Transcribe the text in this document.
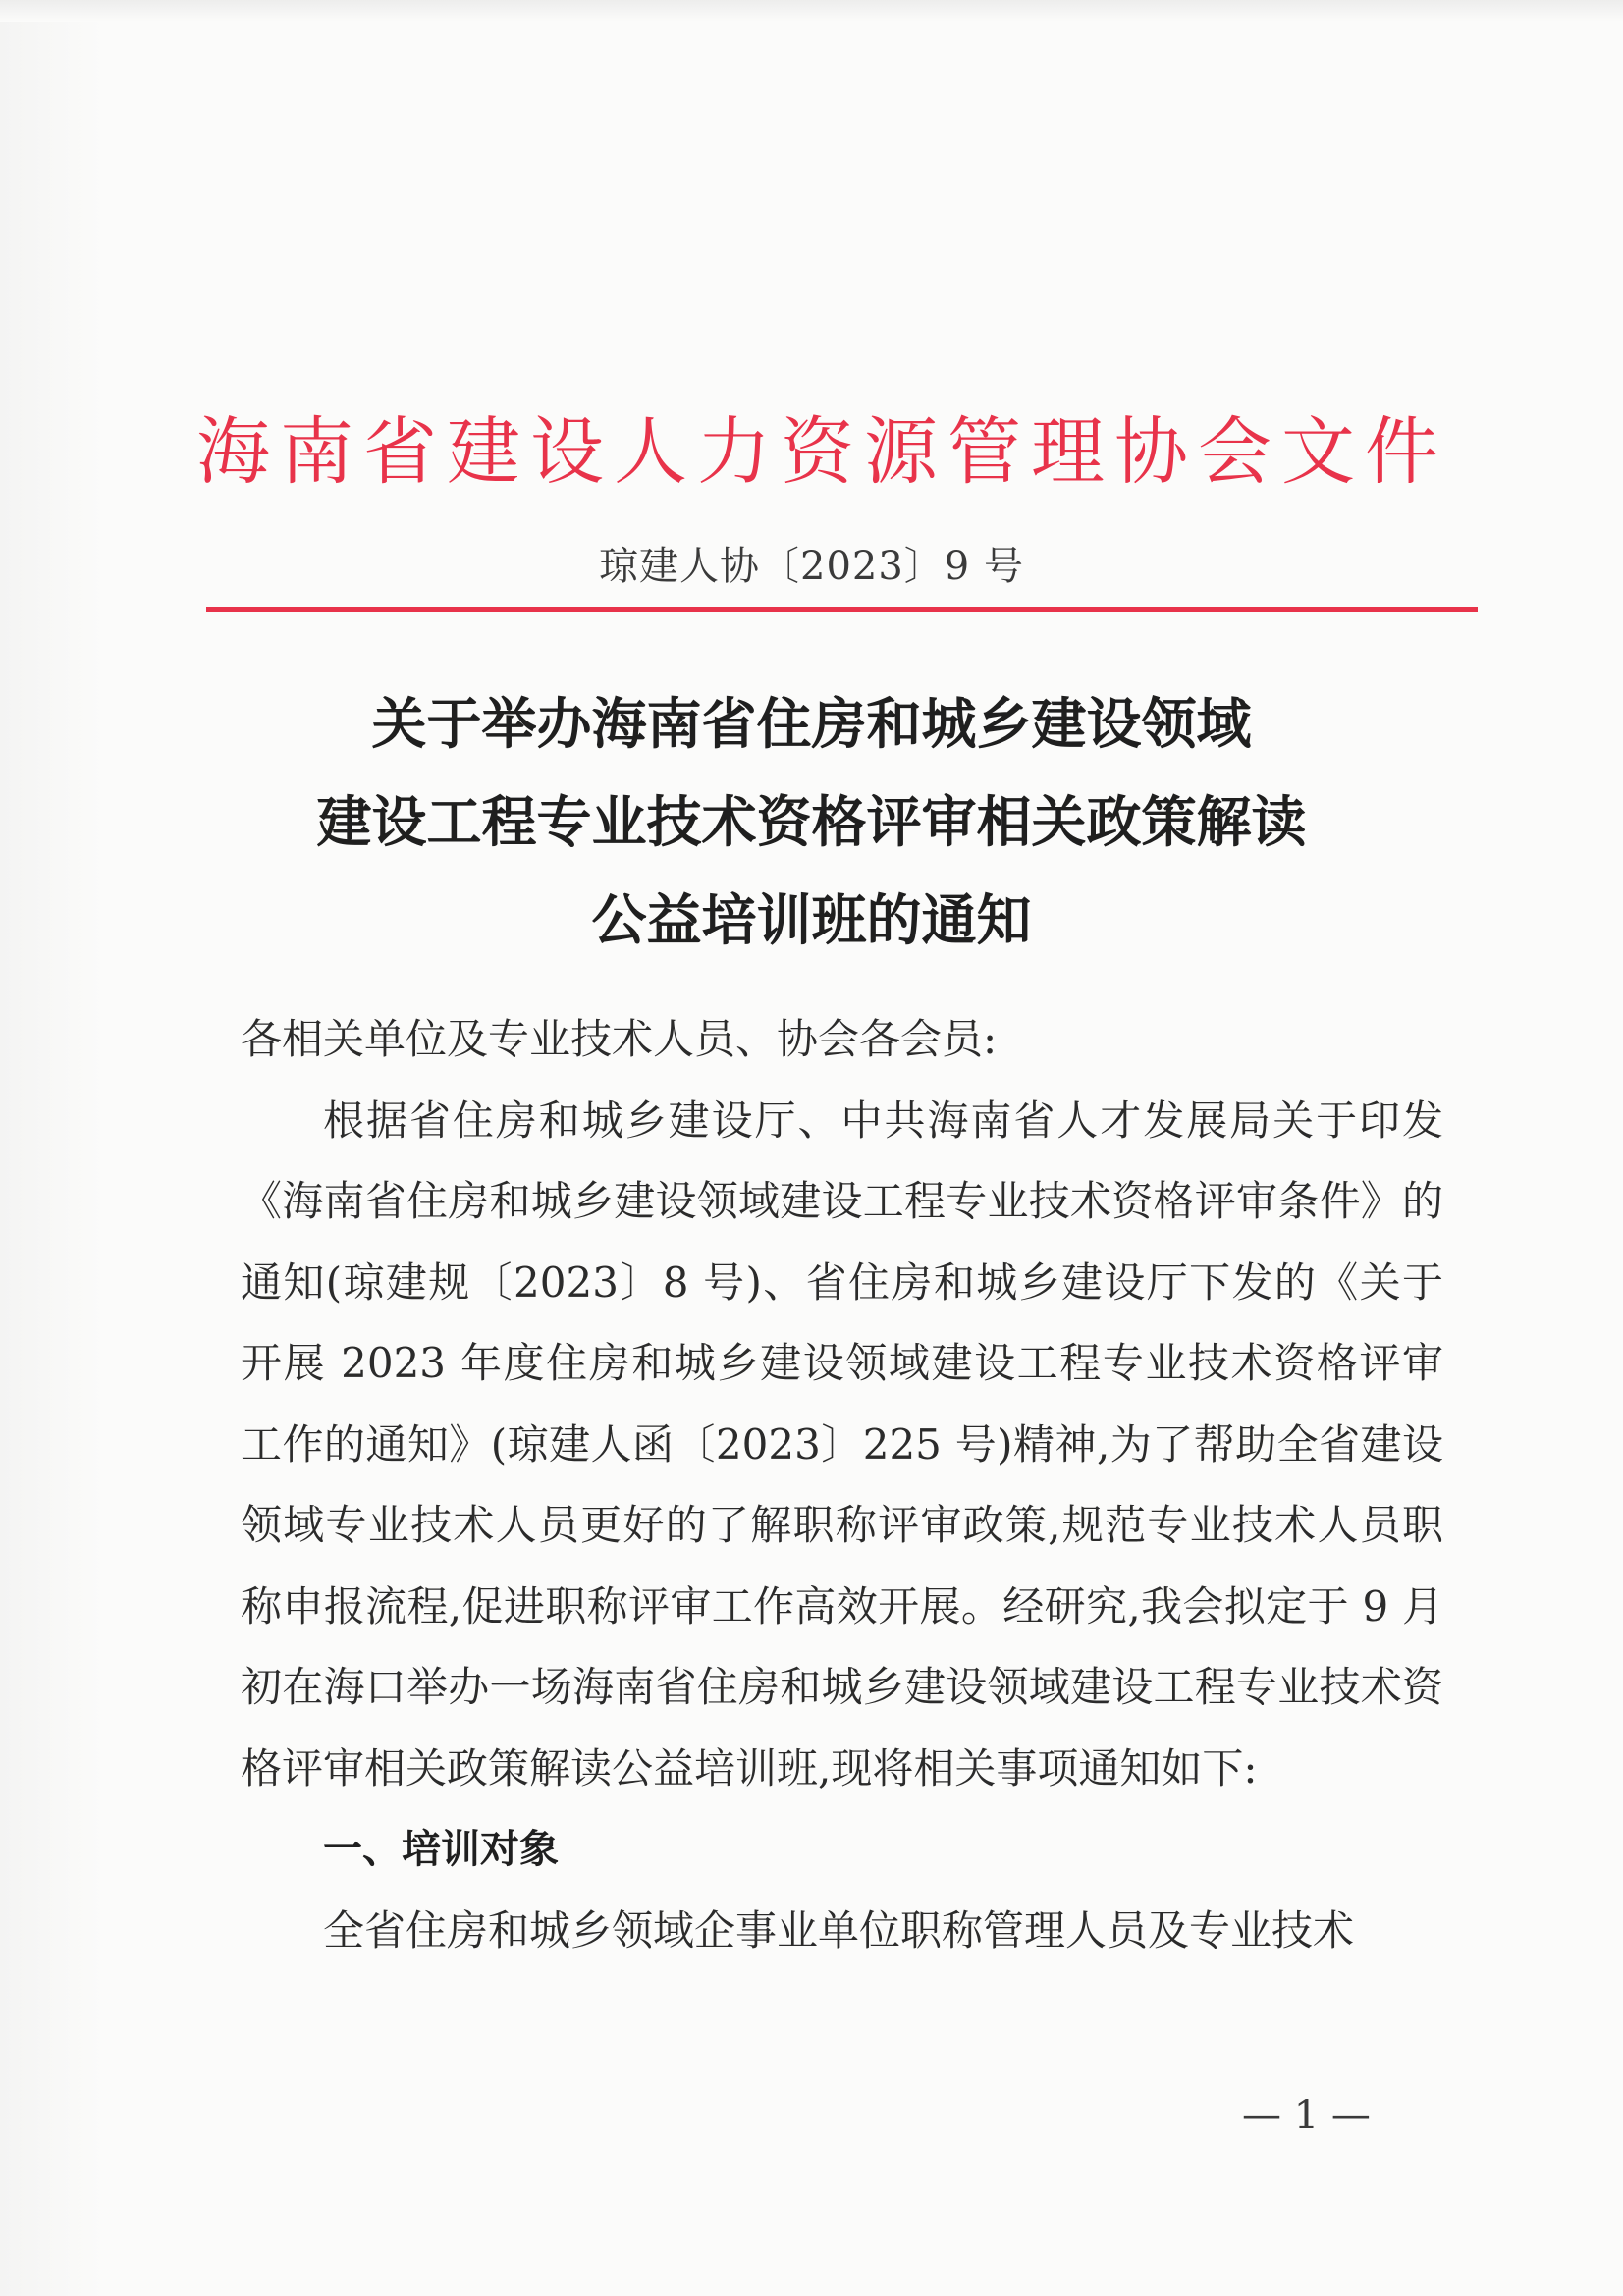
海南省建设人力资源管理协会文件
琼建人协〔2023〕9 号
关于举办海南省住房和城乡建设领域
建设工程专业技术资格评审相关政策解读
公益培训班的通知
各相关单位及专业技术人员、协会各会员:

根据省住房和城乡建设厅、中共海南省人才发展局关于印发《海南省住房和城乡建设领域建设工程专业技术资格评审条件》的通知(琼建规〔2023〕8 号)、省住房和城乡建设厅下发的《关于开展 2023 年度住房和城乡建设领域建设工程专业技术资格评审工作的通知》(琼建人函〔2023〕225 号)精神,为了帮助全省建设领域专业技术人员更好的了解职称评审政策,规范专业技术人员职称申报流程,促进职称评审工作高效开展。经研究,我会拟定于 9 月初在海口举办一场海南省住房和城乡建设领域建设工程专业技术资格评审相关政策解读公益培训班,现将相关事项通知如下:

一、培训对象

全省住房和城乡领域企事业单位职称管理人员及专业技术

— 1 —
